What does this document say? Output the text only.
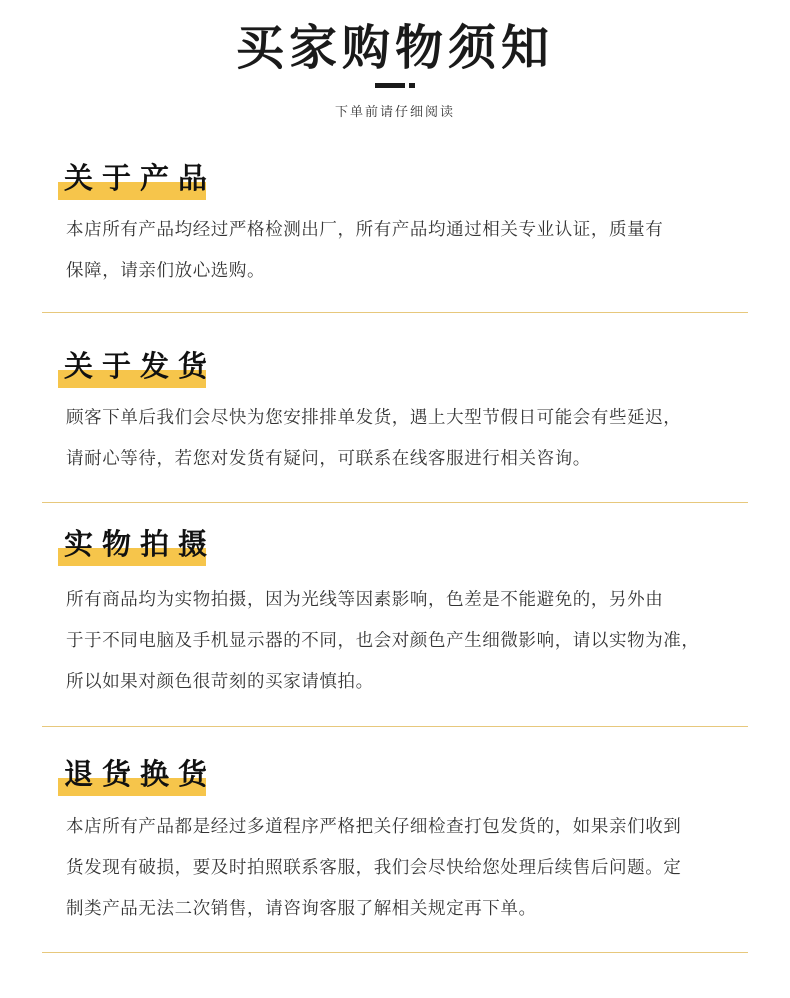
买家购物须知
下单前请仔细阅读
关于产品
本店所有产品均经过严格检测出厂，所有产品均通过相关专业认证，质量有
保障，请亲们放心选购。
关于发货
顾客下单后我们会尽快为您安排排单发货，遇上大型节假日可能会有些延迟，
请耐心等待，若您对发货有疑问，可联系在线客服进行相关咨询。
实物拍摄
所有商品均为实物拍摄，因为光线等因素影响，色差是不能避免的，另外由
于于不同电脑及手机显示器的不同，也会对颜色产生细微影响，请以实物为准，
所以如果对颜色很苛刻的买家请慎拍。
退货换货
本店所有产品都是经过多道程序严格把关仔细检查打包发货的，如果亲们收到
货发现有破损，要及时拍照联系客服，我们会尽快给您处理后续售后问题。定
制类产品无法二次销售，请咨询客服了解相关规定再下单。
